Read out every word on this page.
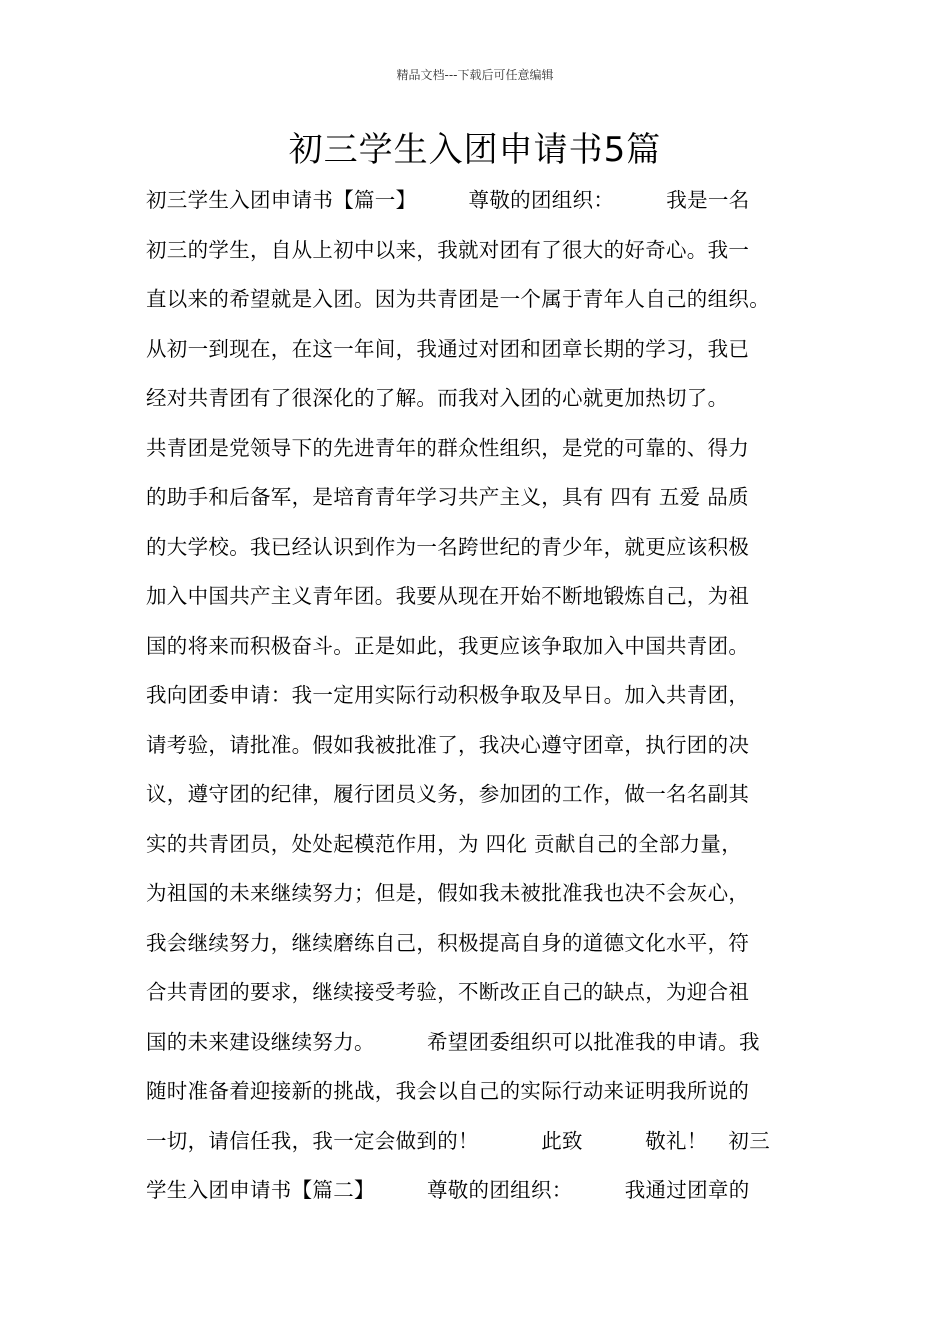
精品文档---下载后可任意编辑
初三学生入团申请书5篇
初三学生入团申请书【篇一】　　　尊敬的团组织：　　　我是一名
初三的学生，自从上初中以来，我就对团有了很大的好奇心。我一
直以来的希望就是入团。因为共青团是一个属于青年人自己的组织。
从初一到现在，在这一年间，我通过对团和团章长期的学习，我已
经对共青团有了很深化的了解。而我对入团的心就更加热切了。
共青团是党领导下的先进青年的群众性组织，是党的可靠的、得力
的助手和后备军，是培育青年学习共产主义，具有 四有 五爱 品质
的大学校。我已经认识到作为一名跨世纪的青少年，就更应该积极
加入中国共产主义青年团。我要从现在开始不断地锻炼自己，为祖
国的将来而积极奋斗。正是如此，我更应该争取加入中国共青团。
我向团委申请：我一定用实际行动积极争取及早日。加入共青团，
请考验，请批准。假如我被批准了，我决心遵守团章，执行团的决
议，遵守团的纪律，履行团员义务，参加团的工作，做一名名副其
实的共青团员，处处起模范作用，为 四化 贡献自己的全部力量，
为祖国的未来继续努力；但是，假如我未被批准我也决不会灰心，
我会继续努力，继续磨练自己，积极提高自身的道德文化水平，符
合共青团的要求，继续接受考验，不断改正自己的缺点，为迎合祖
国的未来建设继续努力。　　　希望团委组织可以批准我的申请。我
随时准备着迎接新的挑战，我会以自己的实际行动来证明我所说的
一切，请信任我，我一定会做到的！　　　此致　　　敬礼！　初三
学生入团申请书【篇二】　　　尊敬的团组织：　　　我通过团章的
